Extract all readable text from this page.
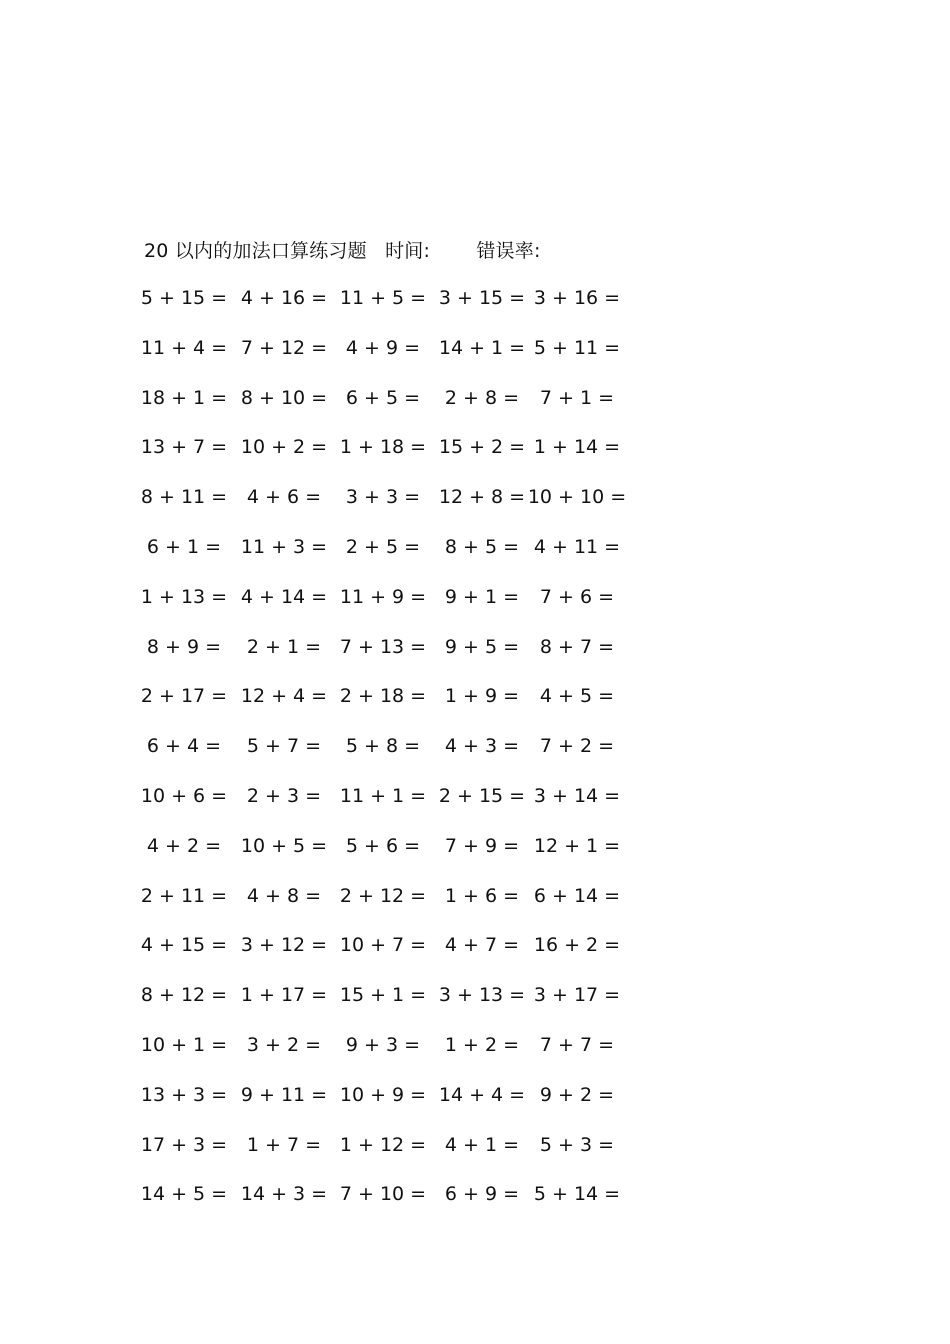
20 以内的加法口算练习题 时间: 错误率:
5 + 15 = 4 + 16 = 11 + 5 = 3 + 15 = 3 + 16 =
11 + 4 = 7 + 12 = 4 + 9 = 14 + 1 = 5 + 11 =
18 + 1 = 8 + 10 = 6 + 5 = 2 + 8 = 7 + 1 =
13 + 7 = 10 + 2 = 1 + 18 = 15 + 2 = 1 + 14 =
8 + 11 = 4 + 6 = 3 + 3 = 12 + 8 = 10 + 10 =
6 + 1 = 11 + 3 = 2 + 5 = 8 + 5 = 4 + 11 =
1 + 13 = 4 + 14 = 11 + 9 = 9 + 1 = 7 + 6 =
8 + 9 = 2 + 1 = 7 + 13 = 9 + 5 = 8 + 7 =
2 + 17 = 12 + 4 = 2 + 18 = 1 + 9 = 4 + 5 =
6 + 4 = 5 + 7 = 5 + 8 = 4 + 3 = 7 + 2 =
10 + 6 = 2 + 3 = 11 + 1 = 2 + 15 = 3 + 14 =
4 + 2 = 10 + 5 = 5 + 6 = 7 + 9 = 12 + 1 =
2 + 11 = 4 + 8 = 2 + 12 = 1 + 6 = 6 + 14 =
4 + 15 = 3 + 12 = 10 + 7 = 4 + 7 = 16 + 2 =
8 + 12 = 1 + 17 = 15 + 1 = 3 + 13 = 3 + 17 =
10 + 1 = 3 + 2 = 9 + 3 = 1 + 2 = 7 + 7 =
13 + 3 = 9 + 11 = 10 + 9 = 14 + 4 = 9 + 2 =
17 + 3 = 1 + 7 = 1 + 12 = 4 + 1 = 5 + 3 =
14 + 5 = 14 + 3 = 7 + 10 = 6 + 9 = 5 + 14 =
